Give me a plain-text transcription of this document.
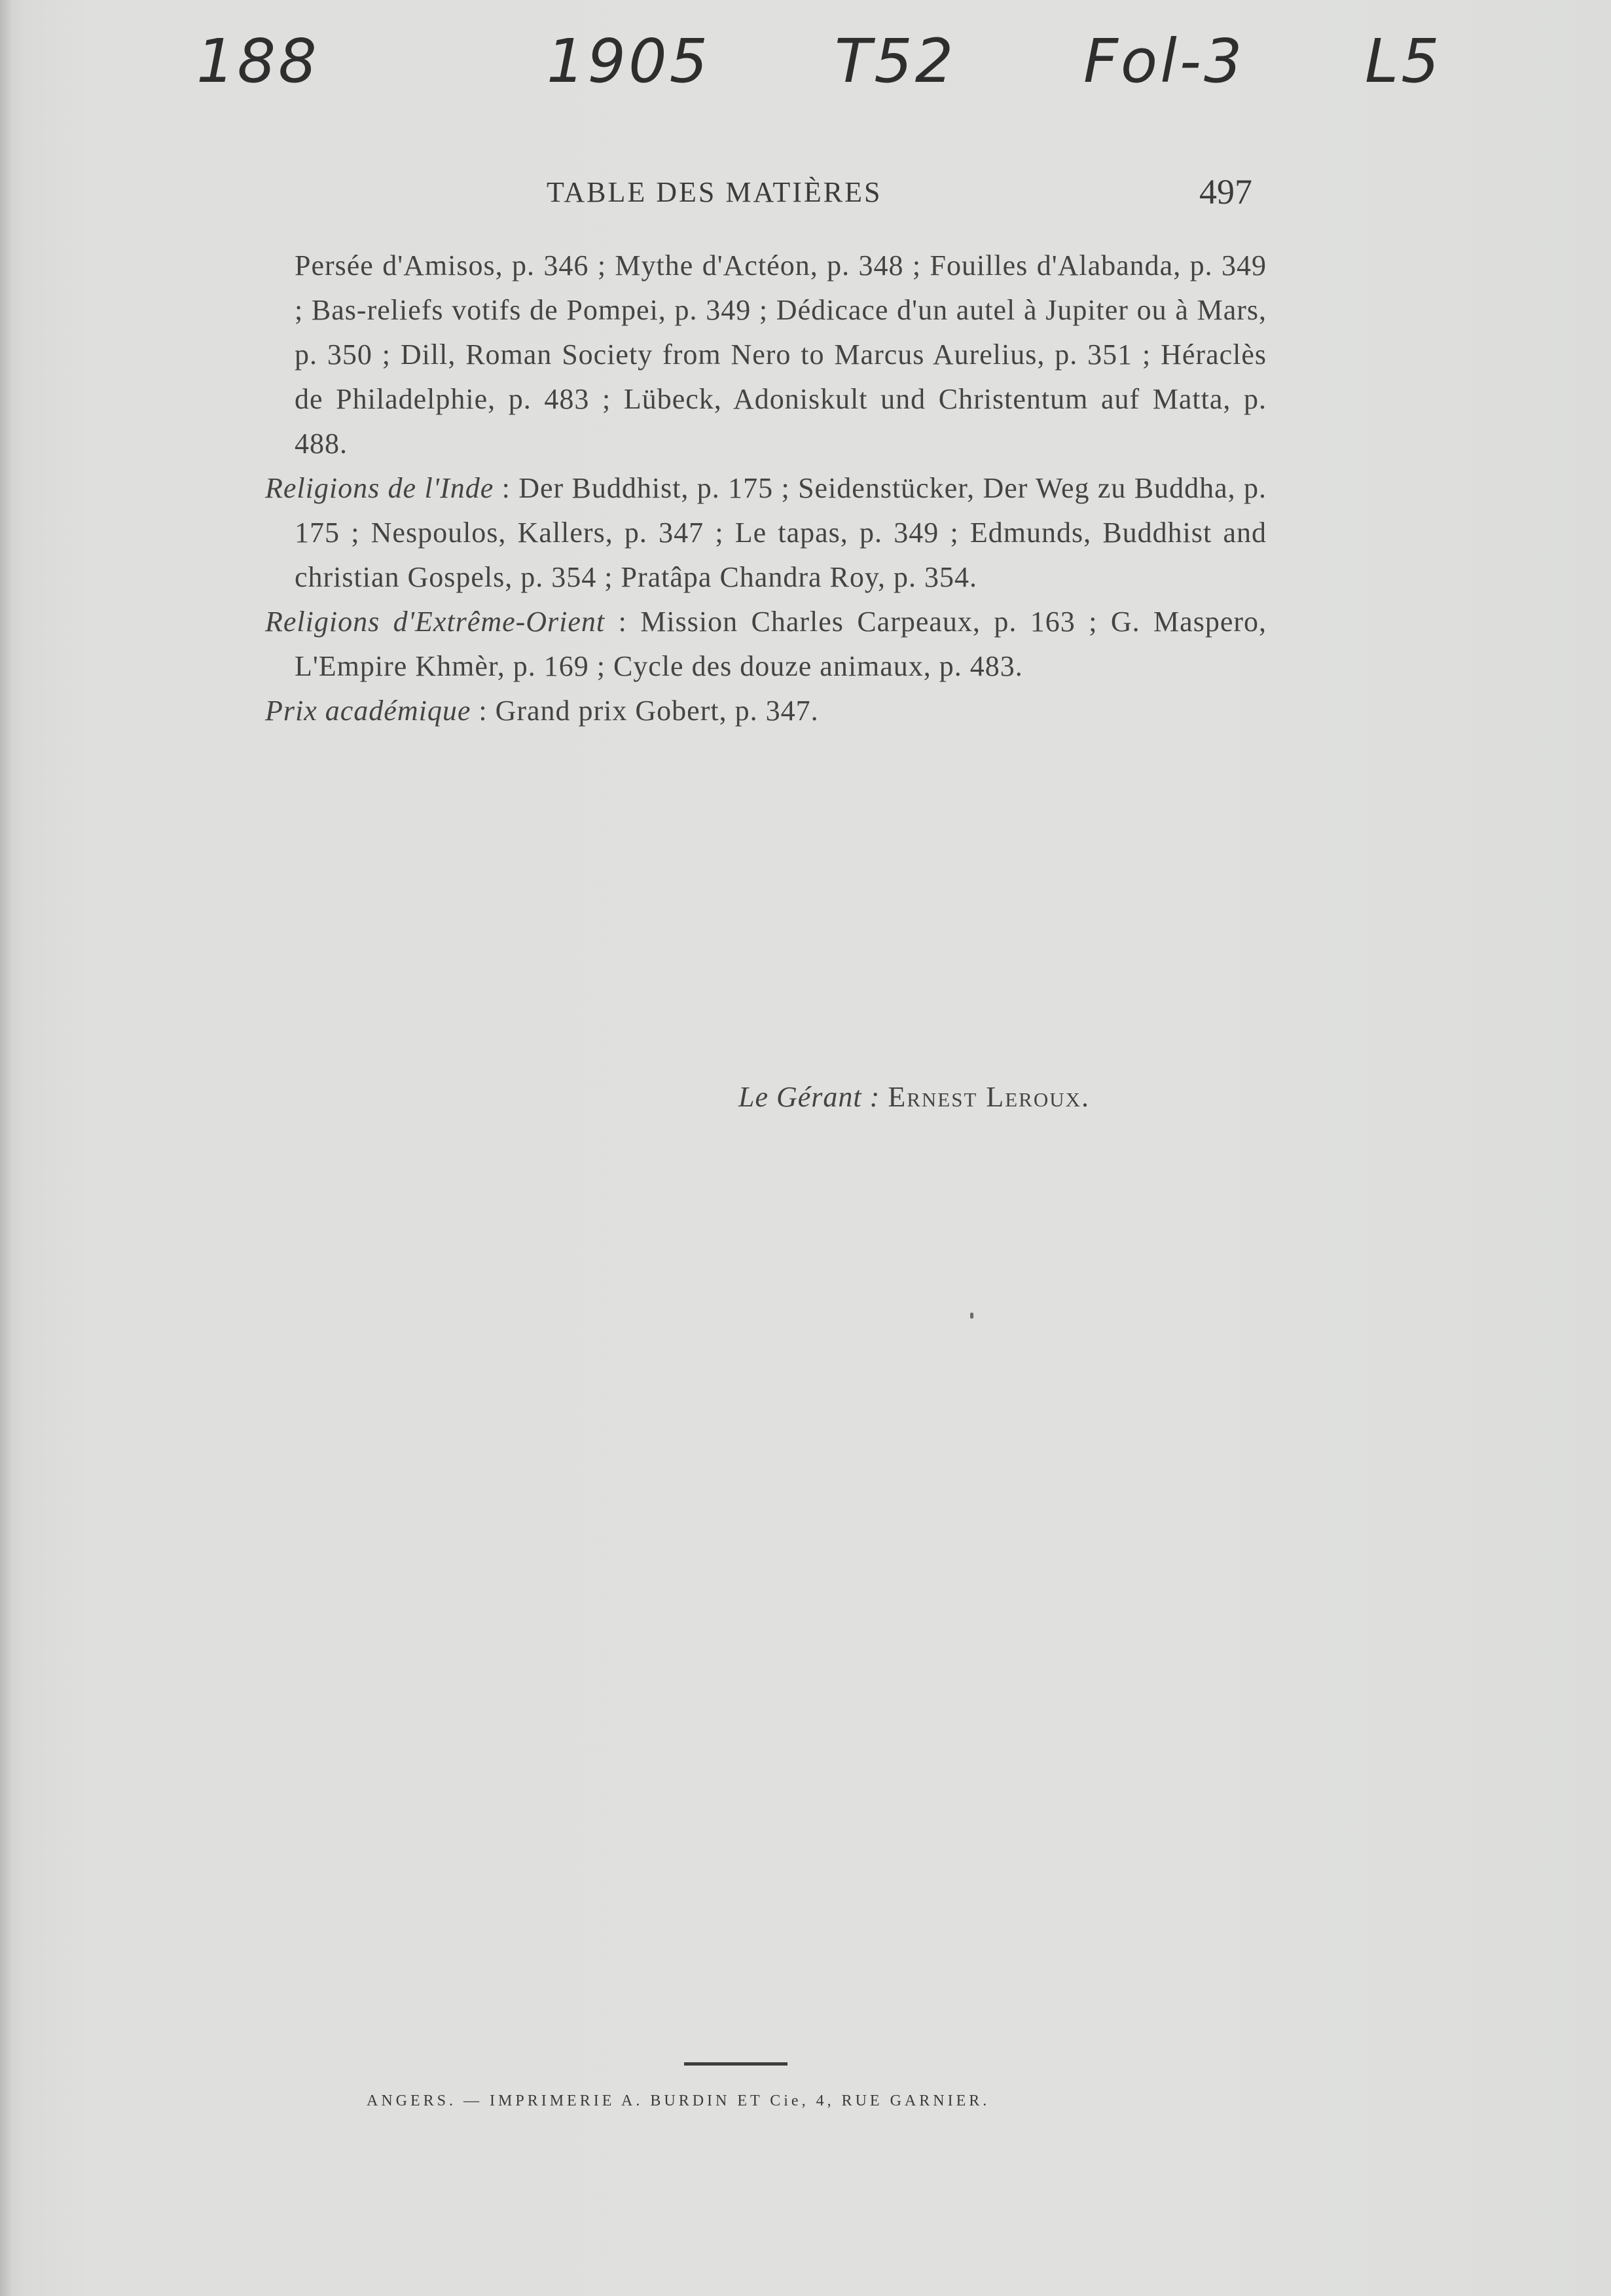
188	1905 T52 Fol-3 L5
TABLE DES MATIÈRES	497

Persée d'Amisos, p. 346 ; Mythe d'Actéon, p. 348 ; Fouilles d'Alabanda, p. 349 ; Bas-reliefs votifs de Pompei, p. 349 ; Dédicace d'un autel à Jupiter ou à Mars, p. 350 ; Dill, Roman Society from Nero to Marcus Aurelius, p. 351 ; Héraclès de Philadelphie, p. 483 ; Lübeck, Adoniskult und Christentum auf Matta, p. 488.

Religions de l'Inde : Der Buddhist, p. 175 ; Seidenstücker, Der Weg zu Buddha, p. 175 ; Nespoulos, Kallers, p. 347 ; Le tapas, p. 349 ; Edmunds, Buddhist and christian Gospels, p. 354 ; Pratâpa Chandra Roy, p. 354.

Religions d'Extrême-Orient : Mission Charles Carpeaux, p. 163 ; G. Maspero, L'Empire Khmèr, p. 169 ; Cycle des douze animaux, p. 483.

Prix académique : Grand prix Gobert, p. 347.

Le Gérant : Ernest Leroux.
ANGERS. — IMPRIMERIE A. BURDIN ET Cie, 4, RUE GARNIER.
